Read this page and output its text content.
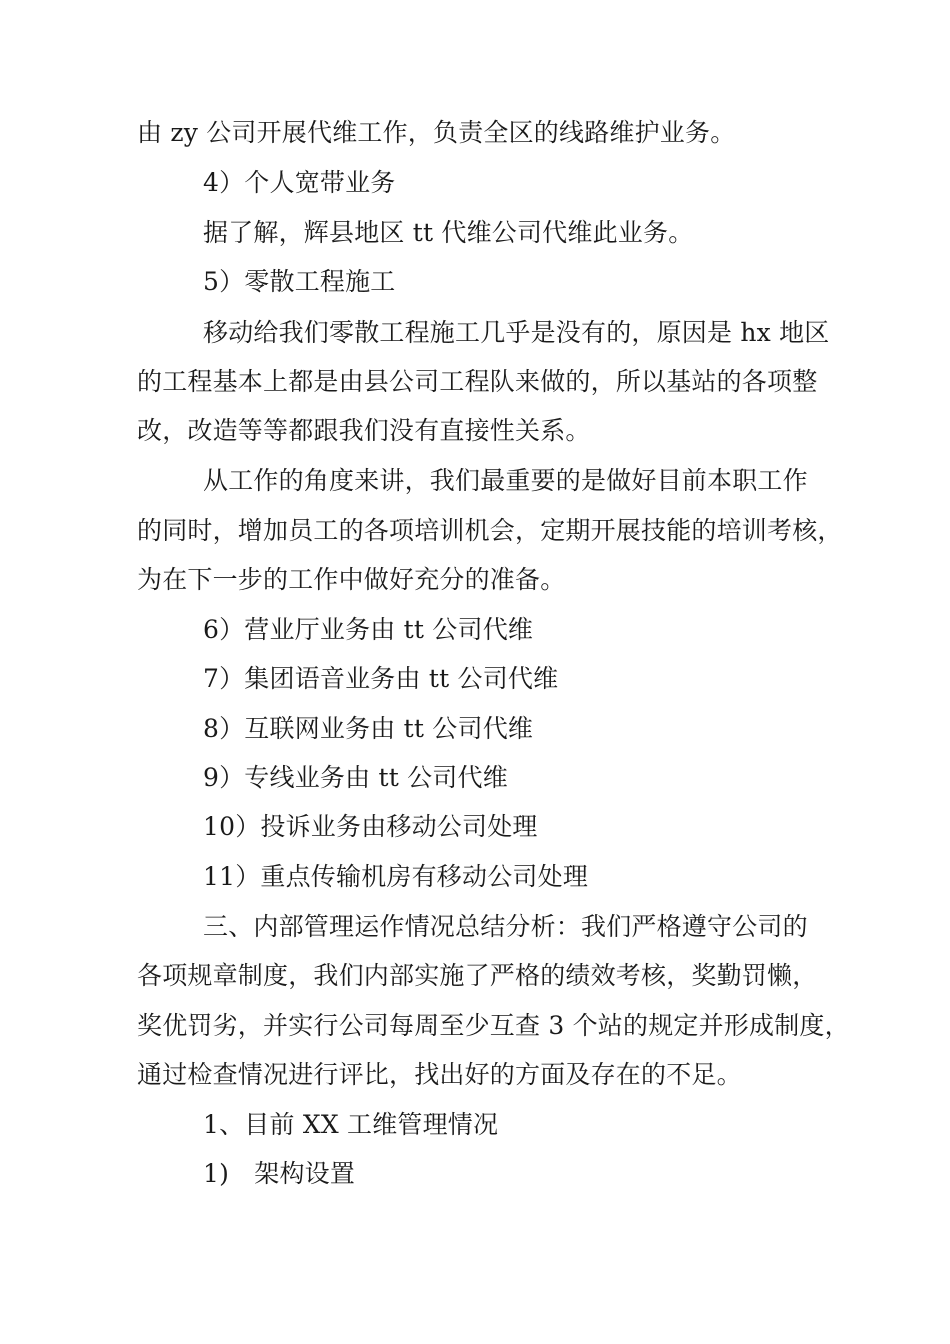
由 zy 公司开展代维工作，负责全区的线路维护业务。
4）个人宽带业务
据了解，辉县地区 tt 代维公司代维此业务。
5）零散工程施工
移动给我们零散工程施工几乎是没有的，原因是 hx 地区
的工程基本上都是由县公司工程队来做的，所以基站的各项整
改，改造等等都跟我们没有直接性关系。
从工作的角度来讲，我们最重要的是做好目前本职工作
的同时，增加员工的各项培训机会，定期开展技能的培训考核，
为在下一步的工作中做好充分的准备。
6）营业厅业务由 tt 公司代维
7）集团语音业务由 tt 公司代维
8）互联网业务由 tt 公司代维
9）专线业务由 tt 公司代维
10）投诉业务由移动公司处理
11）重点传输机房有移动公司处理
三、内部管理运作情况总结分析：我们严格遵守公司的
各项规章制度，我们内部实施了严格的绩效考核，奖勤罚懒，
奖优罚劣，并实行公司每周至少互查 3 个站的规定并形成制度，
通过检查情况进行评比，找出好的方面及存在的不足。
1、目前 XX 工维管理情况
1)　架构设置
